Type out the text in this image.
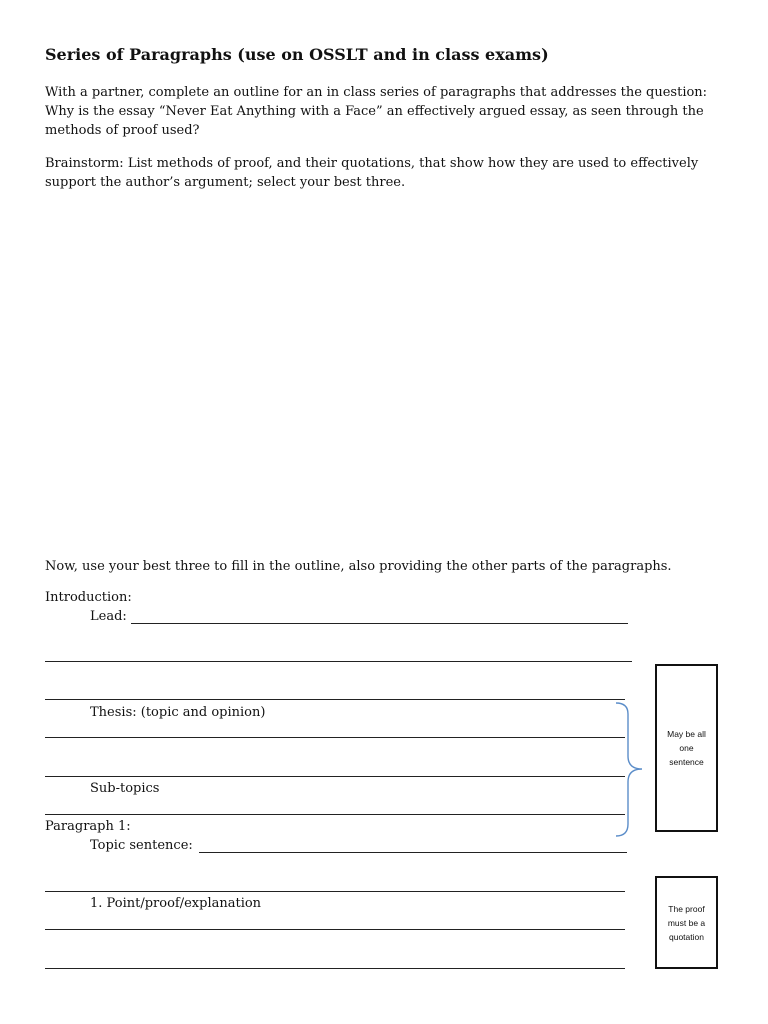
Series of Paragraphs (use on OSSLT and in class exams)
With a partner, complete an outline for an in class series of paragraphs that addresses the question: Why is the essay “Never Eat Anything with a Face” an effectively argued essay, as seen through the methods of proof used?
Brainstorm: List methods of proof, and their quotations, that show how they are used to effectively support the author’s argument; select your best three.
Now, use your best three to fill in the outline, also providing the other parts of the paragraphs.
Introduction:
Lead:
Thesis: (topic and opinion)
Sub-topics
May be all one sentence
Paragraph 1:
Topic sentence:
1. Point/proof/explanation	The proof must be a quotation
